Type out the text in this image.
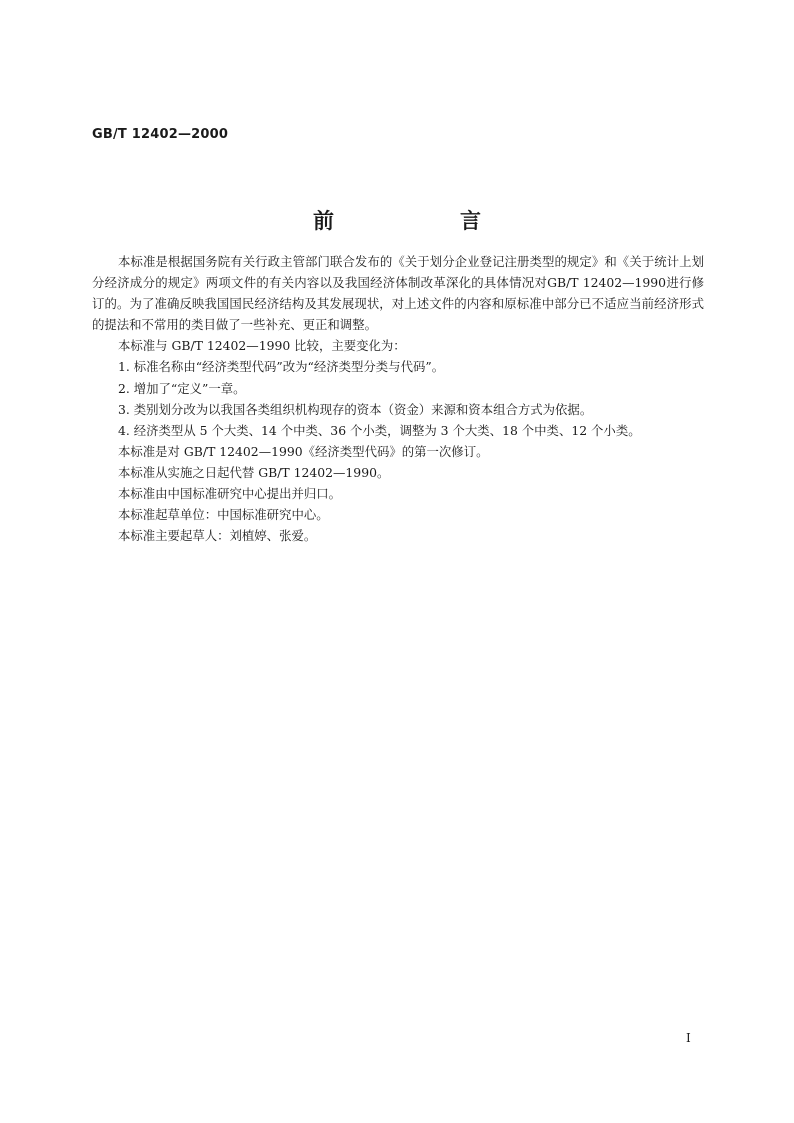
GB/T 12402—2000
前　　言

本标准是根据国务院有关行政主管部门联合发布的《关于划分企业登记注册类型的规定》和《关于统计上划分经济成分的规定》两项文件的有关内容以及我国经济体制改革深化的具体情况对GB/T 12402—1990进行修订的。为了准确反映我国国民经济结构及其发展现状，对上述文件的内容和原标准中部分已不适应当前经济形式的提法和不常用的类目做了一些补充、更正和调整。

本标准与 GB/T 12402—1990 比较，主要变化为：

1. 标准名称由“经济类型代码”改为“经济类型分类与代码”。

2. 增加了“定义”一章。

3. 类别划分改为以我国各类组织机构现存的资本（资金）来源和资本组合方式为依据。

4. 经济类型从 5 个大类、14 个中类、36 个小类，调整为 3 个大类、18 个中类、12 个小类。

本标准是对 GB/T 12402—1990《经济类型代码》的第一次修订。

本标准从实施之日起代替 GB/T 12402—1990。

本标准由中国标准研究中心提出并归口。

本标准起草单位：中国标准研究中心。

本标准主要起草人：刘植婷、张爱。

I
